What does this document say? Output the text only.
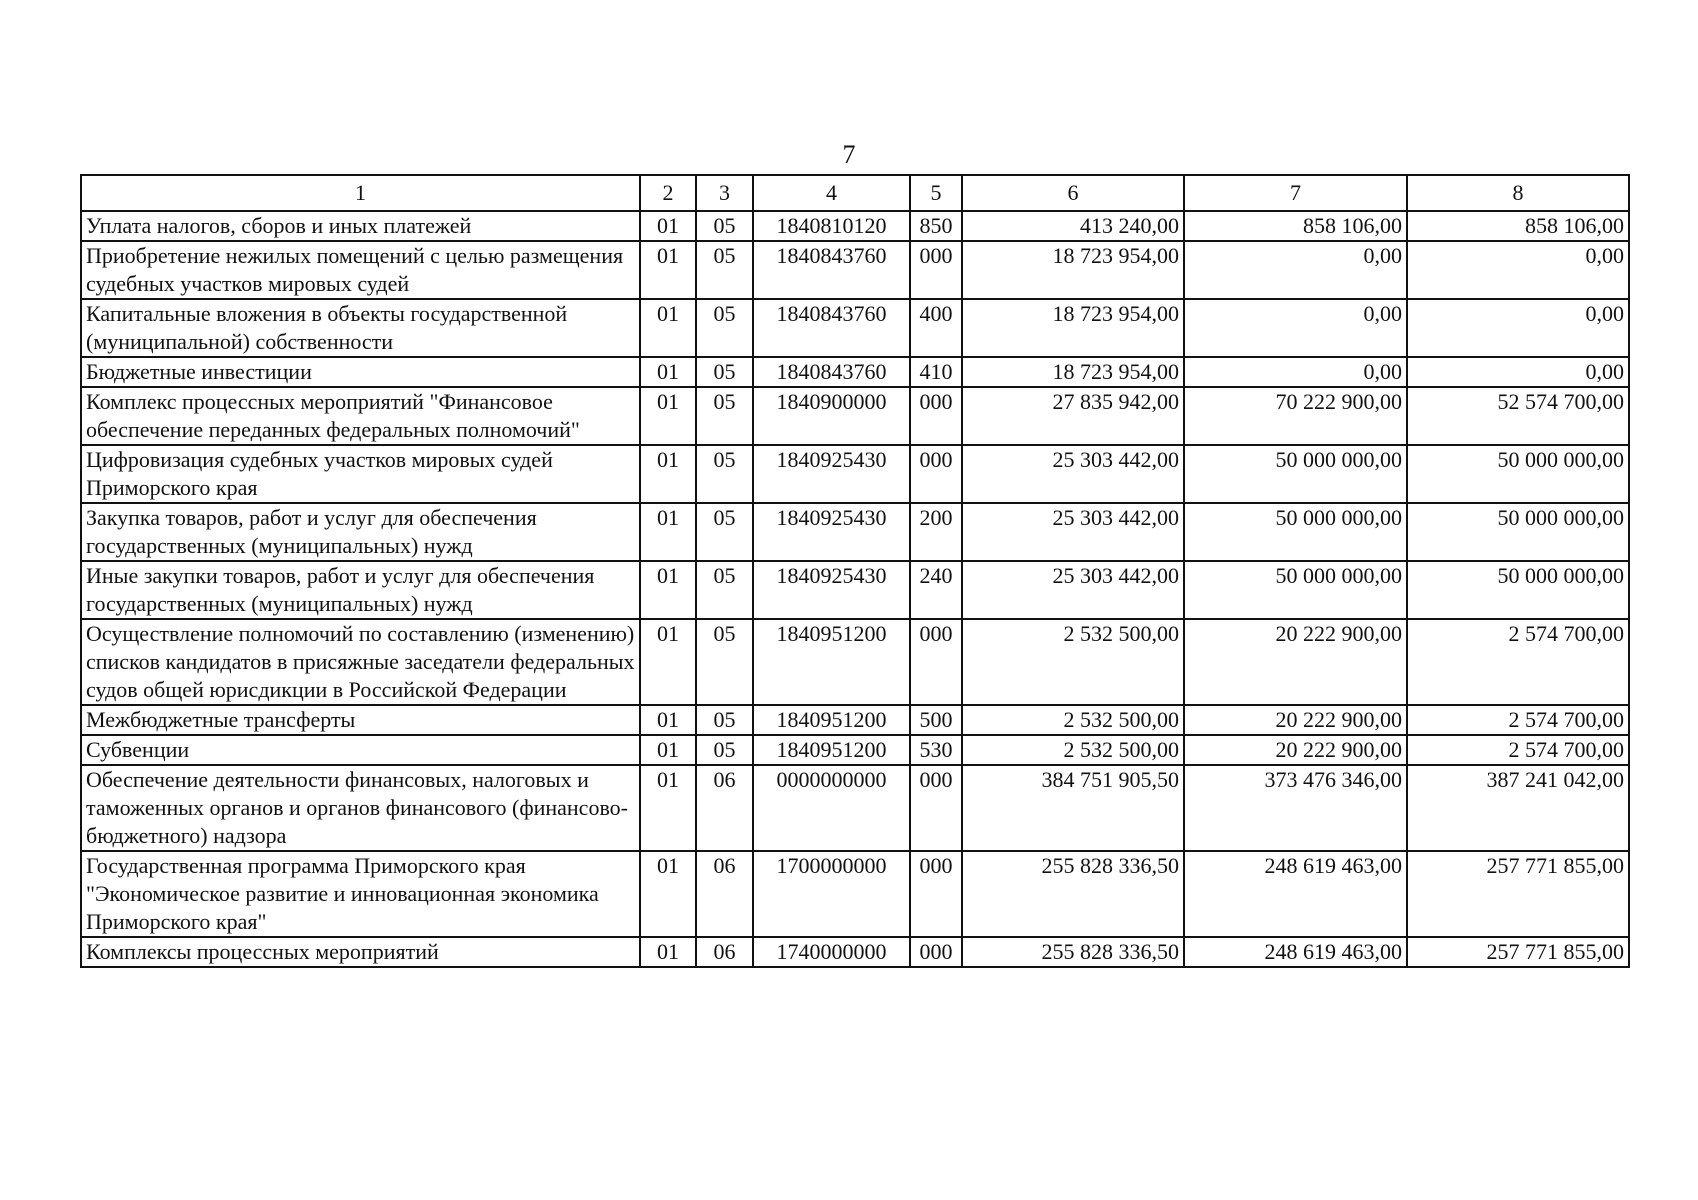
7
1	2	3	4	5	6	7	8
Уплата налогов, сборов и иных платежей	01	05	1840810120	850	413 240,00	858 106,00	858 106,00
Приобретение нежилых помещений с целью размещения судебных участков мировых судей	01	05	1840843760	000	18 723 954,00	0,00	0,00
Капитальные вложения в объекты государственной (муниципальной) собственности	01	05	1840843760	400	18 723 954,00	0,00	0,00
Бюджетные инвестиции	01	05	1840843760	410	18 723 954,00	0,00	0,00
Комплекс процессных мероприятий "Финансовое обеспечение переданных федеральных полномочий"	01	05	1840900000	000	27 835 942,00	70 222 900,00	52 574 700,00
Цифровизация судебных участков мировых судей Приморского края	01	05	1840925430	000	25 303 442,00	50 000 000,00	50 000 000,00
Закупка товаров, работ и услуг для обеспечения государственных (муниципальных) нужд	01	05	1840925430	200	25 303 442,00	50 000 000,00	50 000 000,00
Иные закупки товаров, работ и услуг для обеспечения государственных (муниципальных) нужд	01	05	1840925430	240	25 303 442,00	50 000 000,00	50 000 000,00
Осуществление полномочий по составлению (изменению) списков кандидатов в присяжные заседатели федеральных судов общей юрисдикции в Российской Федерации	01	05	1840951200	000	2 532 500,00	20 222 900,00	2 574 700,00
Межбюджетные трансферты	01	05	1840951200	500	2 532 500,00	20 222 900,00	2 574 700,00
Субвенции	01	05	1840951200	530	2 532 500,00	20 222 900,00	2 574 700,00
Обеспечение деятельности финансовых, налоговых и таможенных органов и органов финансового (финансово-бюджетного) надзора	01	06	0000000000	000	384 751 905,50	373 476 346,00	387 241 042,00
Государственная программа Приморского края "Экономическое развитие и инновационная экономика Приморского края"	01	06	1700000000	000	255 828 336,50	248 619 463,00	257 771 855,00
Комплексы процессных мероприятий	01	06	1740000000	000	255 828 336,50	248 619 463,00	257 771 855,00
